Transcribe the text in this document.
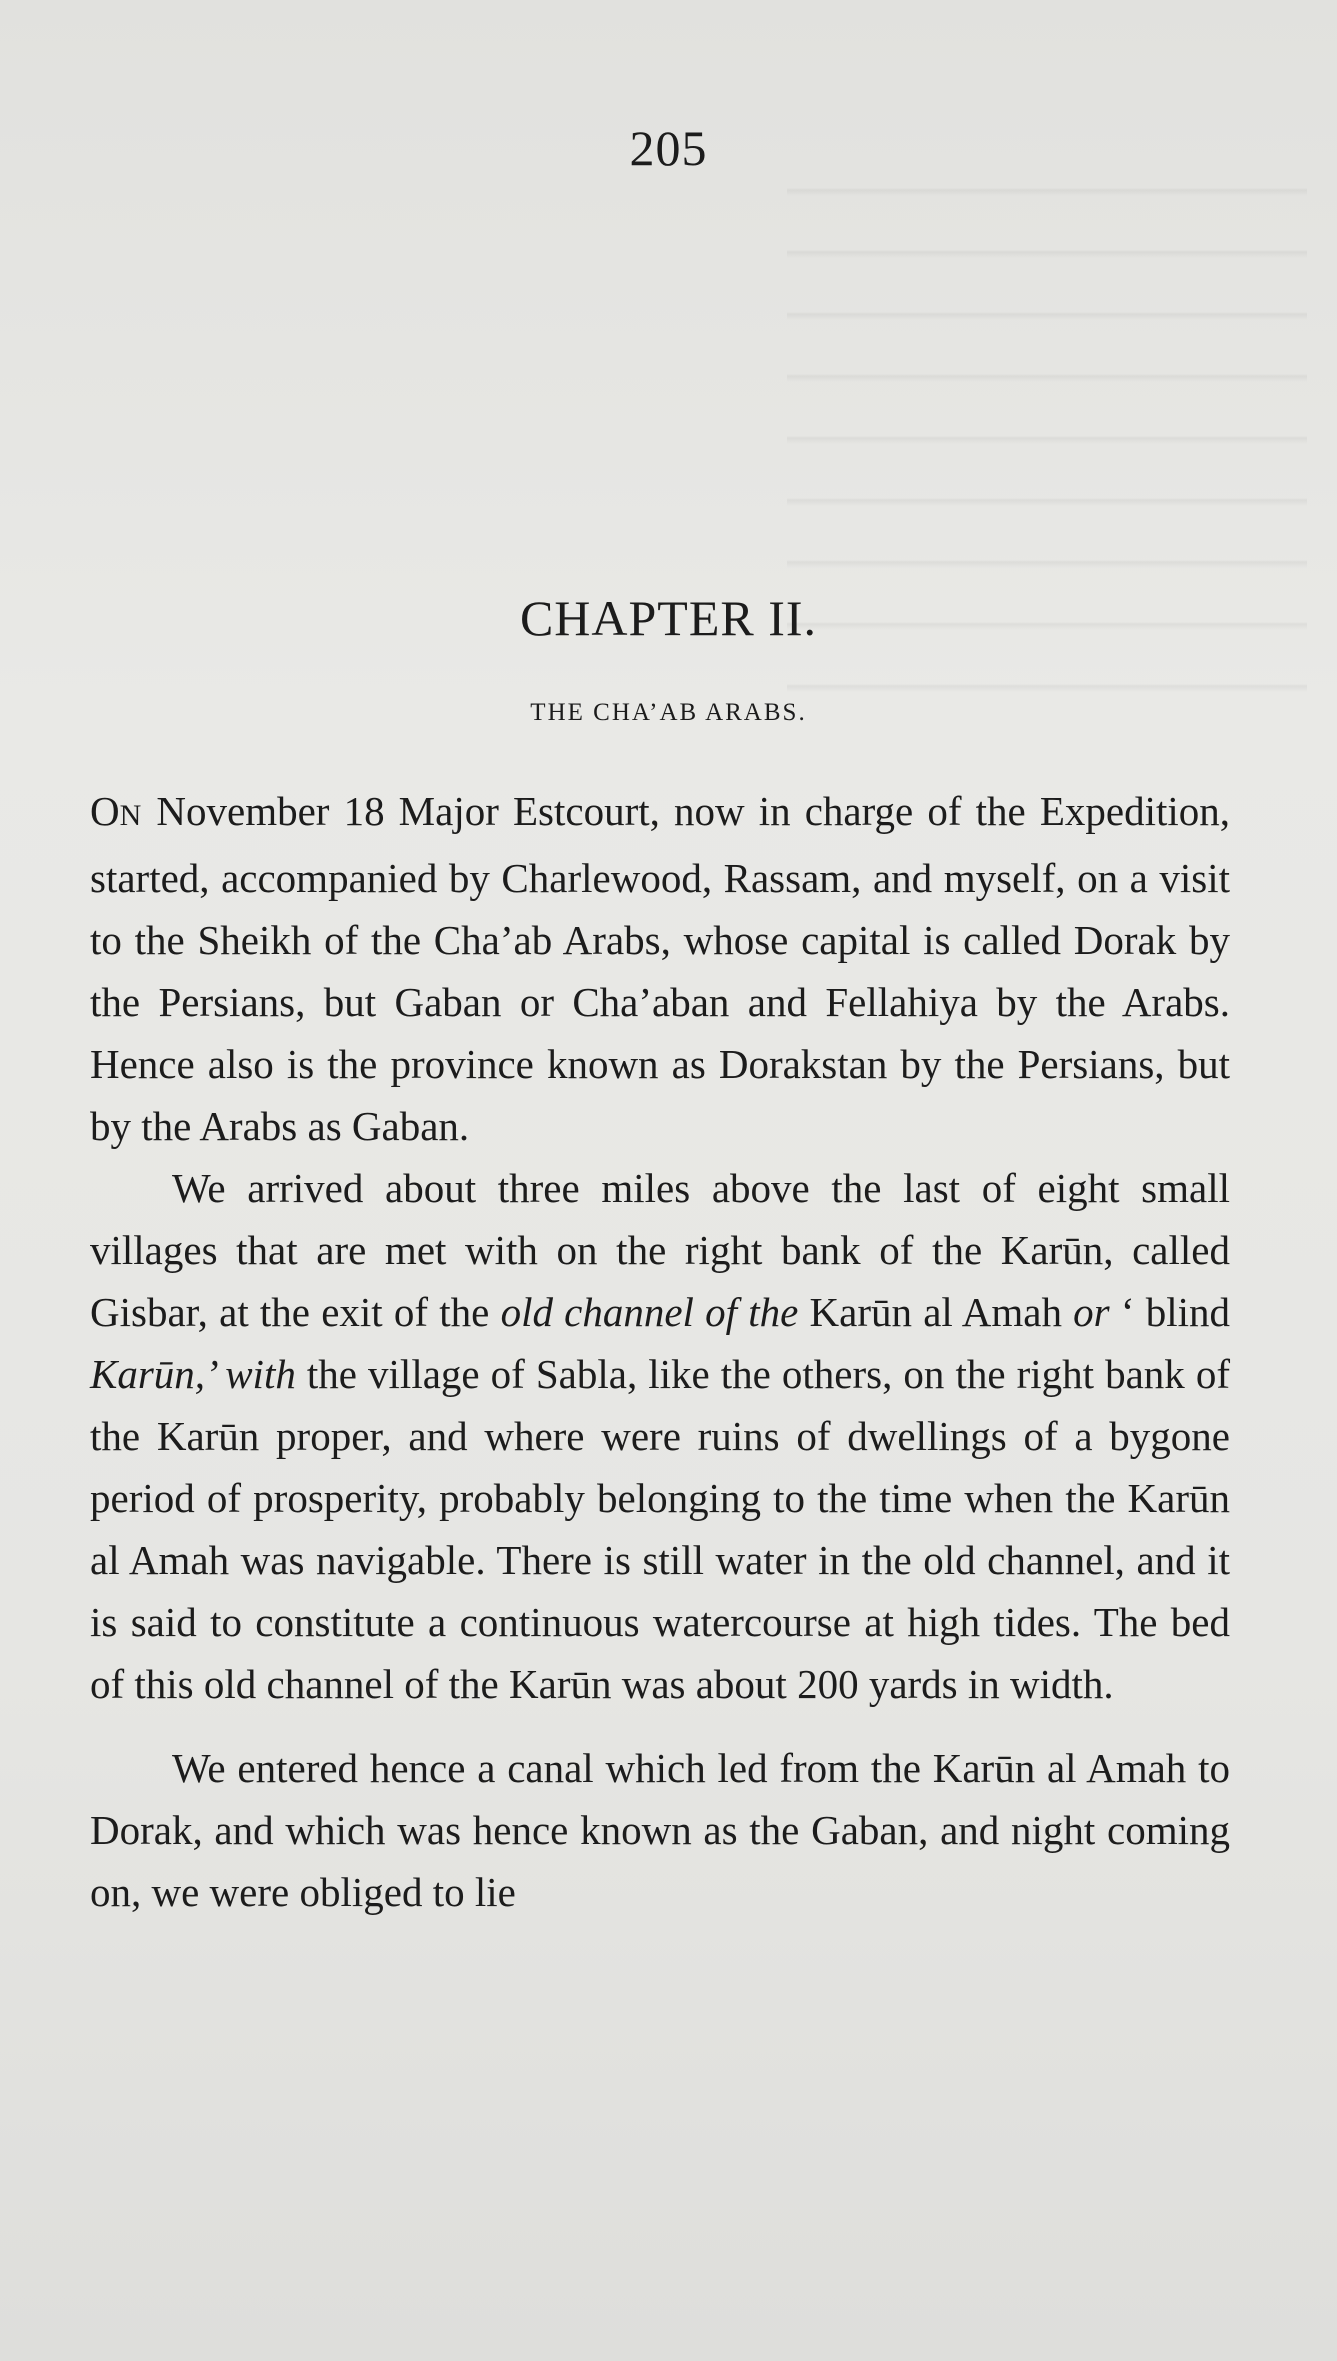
205
CHAPTER II.
THE CHA’AB ARABS.

ON November 18 Major Estcourt, now in charge of the Expedition, started, accompanied by Charlewood, Rassam, and myself, on a visit to the Sheikh of the Cha’ab Arabs, whose capital is called Dorak by the Persians, but Gaban or Cha’aban and Fellahiya by the Arabs. Hence also is the province known as Dorakstan by the Persians, but by the Arabs as Gaban.

We arrived about three miles above the last of eight small villages that are met with on the right bank of the Karūn, called Gisbar, at the exit of the old channel of the Karūn al Amah or ‘ blind Karūn,’ with the village of Sabla, like the others, on the right bank of the Karūn proper, and where were ruins of dwellings of a bygone period of prosperity, probably belonging to the time when the Karūn al Amah was navigable. There is still water in the old channel, and it is said to constitute a continuous watercourse at high tides. The bed of this old channel of the Karūn was about 200 yards in width.

We entered hence a canal which led from the Karūn al Amah to Dorak, and which was hence known as the Gaban, and night coming on, we were obliged to lie
